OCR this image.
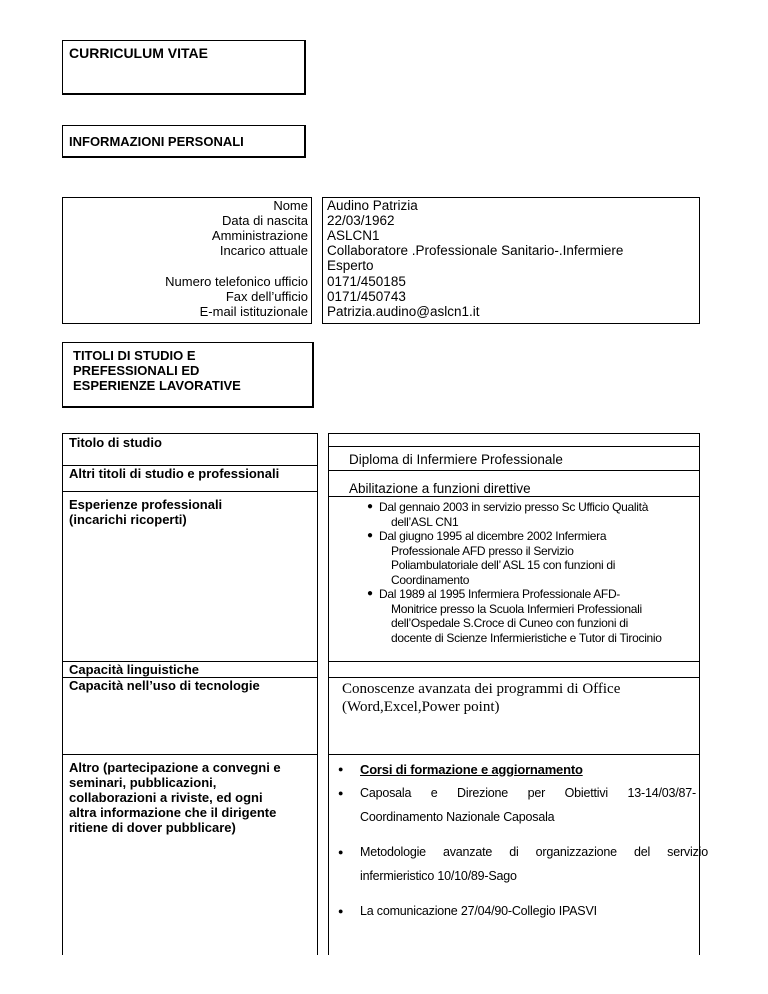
CURRICULUM VITAE
INFORMAZIONI PERSONALI
Nome
Data di nascita
Amministrazione
Incarico attuale
Numero telefonico ufficio
Fax dell’ufficio
E-mail istituzionale
Audino Patrizia
22/03/1962
ASLCN1
Collaboratore .Professionale Sanitario-.Infermiere
Esperto
0171/450185
0171/450743
Patrizia.audino@aslcn1.it
TITOLI DI STUDIO E
PREFESSIONALI ED
ESPERIENZE LAVORATIVE
Titolo di studio
Altri titoli di studio e professionali
Esperienze professionali
(incarichi ricoperti)
Capacità linguistiche
Capacità nell’uso di tecnologie
Altro (partecipazione a convegni e
seminari, pubblicazioni,
collaborazioni a riviste, ed ogni
altra informazione che il dirigente
ritiene di dover pubblicare)
Diploma di Infermiere Professionale
Abilitazione a funzioni direttive
● Dal gennaio 2003 in servizio presso Sc Ufficio Qualità
dell’ASL CN1
● Dal giugno 1995 al dicembre 2002 Infermiera
Professionale AFD presso il Servizio
Poliambulatoriale dell’ ASL 15 con funzioni di
Coordinamento
● Dal 1989 al 1995 Infermiera Professionale AFD-
Monitrice presso la Scuola Infermieri Professionali
dell’Ospedale S.Croce di Cuneo con funzioni di
docente di Scienze Infermieristiche e Tutor di Tirocinio
Conoscenze avanzata dei programmi di Office
(Word,Excel,Power point)
● Corsi di formazione e aggiornamento
● Caposala e Direzione per Obiettivi 13-14/03/87-
Coordinamento Nazionale Caposala
● Metodologie avanzate di organizzazione del servizio
infermieristico 10/10/89-Sago
● La comunicazione 27/04/90-Collegio IPASVI
